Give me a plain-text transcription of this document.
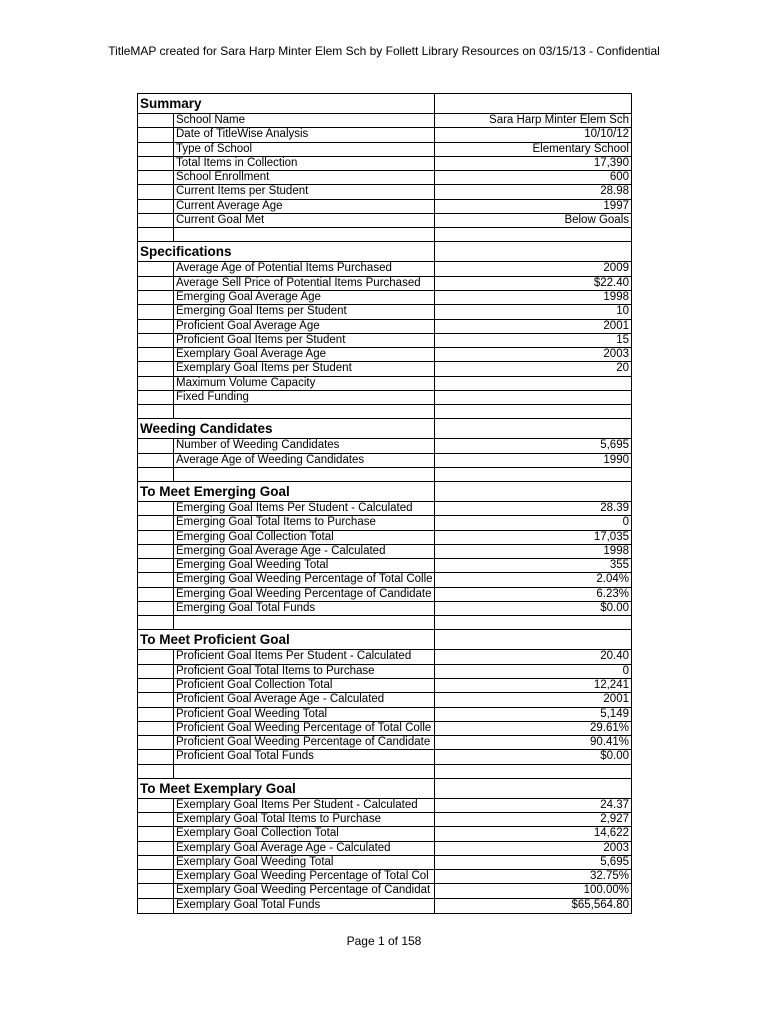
TitleMAP created for Sara Harp Minter Elem Sch by Follett Library Resources on 03/15/13 - Confidential
Summary
School Name	Sara Harp Minter Elem Sch
Date of TitleWise Analysis	10/10/12
Type of School	Elementary School
Total Items in Collection	17,390
School Enrollment	600
Current Items per Student	28.98
Current Average Age	1997
Current Goal Met	Below Goals
Specifications
Average Age of Potential Items Purchased	2009
Average Sell Price of Potential Items Purchased	$22.40
Emerging Goal Average Age	1998
Emerging Goal Items per Student	10
Proficient Goal Average Age	2001
Proficient Goal Items per Student	15
Exemplary Goal Average Age	2003
Exemplary Goal Items per Student	20
Maximum Volume Capacity
Fixed Funding
Weeding Candidates
Number of Weeding Candidates	5,695
Average Age of Weeding Candidates	1990
To Meet Emerging Goal
Emerging Goal Items Per Student - Calculated	28.39
Emerging Goal Total Items to Purchase	0
Emerging Goal Collection Total	17,035
Emerging Goal Average Age - Calculated	1998
Emerging Goal Weeding Total	355
Emerging Goal Weeding Percentage of Total Colle	2.04%
Emerging Goal Weeding Percentage of Candidate	6.23%
Emerging Goal Total Funds	$0.00
To Meet Proficient Goal
Proficient Goal Items Per Student - Calculated	20.40
Proficient Goal Total Items to Purchase	0
Proficient Goal Collection Total	12,241
Proficient Goal Average Age - Calculated	2001
Proficient Goal Weeding Total	5,149
Proficient Goal Weeding Percentage of Total Colle	29.61%
Proficient Goal Weeding Percentage of Candidate	90.41%
Proficient Goal Total Funds	$0.00
To Meet Exemplary Goal
Exemplary Goal Items Per Student - Calculated	24.37
Exemplary Goal Total Items to Purchase	2,927
Exemplary Goal Collection Total	14,622
Exemplary Goal Average Age - Calculated	2003
Exemplary Goal Weeding Total	5,695
Exemplary Goal Weeding Percentage of Total Col	32.75%
Exemplary Goal Weeding Percentage of Candidat	100.00%
Exemplary Goal Total Funds	$65,564.80
Page 1 of 158
